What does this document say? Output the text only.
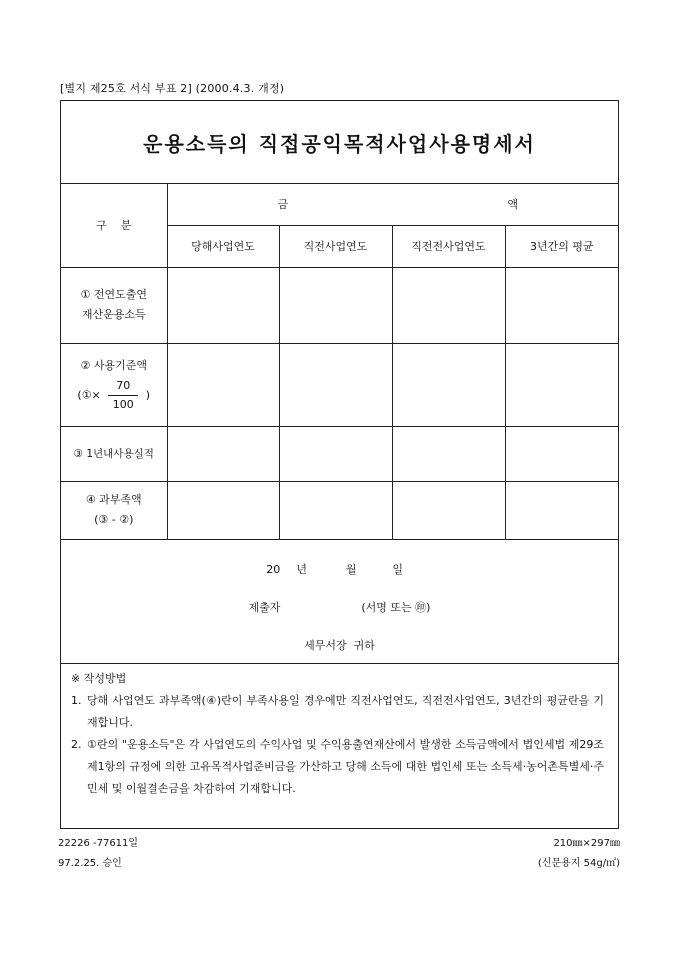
[별지 제25호 서식 부표 2] (2000.4.3. 개정)
운용소득의 직접공익목적사업사용명세서
구    분	금 액			

	당해사업연도	직전사업연도	직전전사업연도	3년간의 평균

① 전연도출연
재산운용소득				

② 사용기준액
(①× $\frac{70}{100}$ )				

③ 1년내사용실적				

④ 과부족액
(③ - ②)				

20 년	월	일
제출자	(서명 또는 ㊞)
세무서장  귀하
※ 작성방법
1. 당해 사업연도 과부족액(④)란이 부족사용일 경우에만 직전사업연도, 직전전사업연도, 3년간의 평균란을 기재합니다.
2. ①란의 "운용소득"은 각 사업연도의 수익사업 및 수익용출연재산에서 발생한 소득금액에서 법인세법 제29조 제1항의 규정에 의한 고유목적사업준비금을 가산하고 당해 소득에 대한 법인세 또는 소득세·농어촌특별세·주민세 및 이월결손금을 차감하여 기재합니다.
22226 -77611일
97.2.25. 승인
210㎜×297㎜
(신문용지 54g/㎡)
